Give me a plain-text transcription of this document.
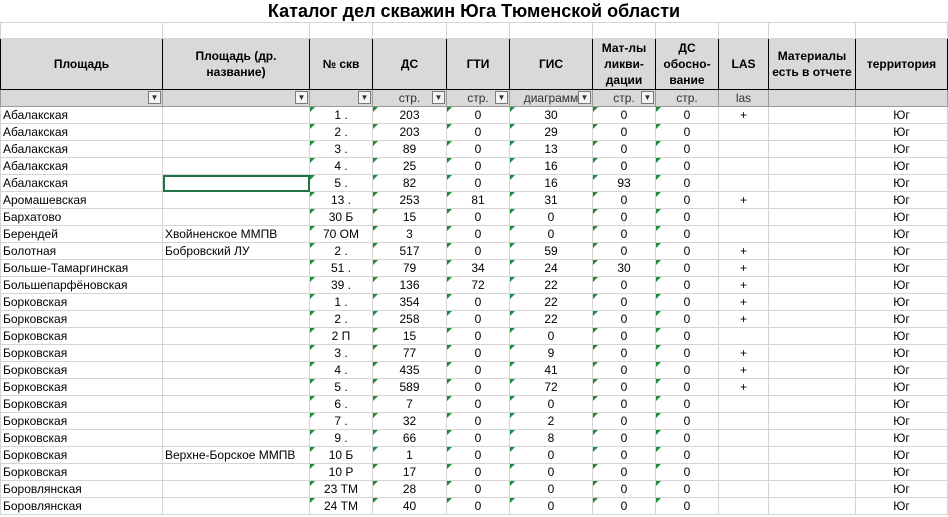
Каталог дел скважин Юга Тюменской области

Площадь	Площадь (др. название)	№ скв	ДС	ГТИ	ГИС	Мат-лы ликви-дации	ДС обосно-вание	LAS	Материалы есть в отчете	территория

▼	▼	▼	стр. ▼	стр. ▼	диаграмм ▼	стр. ▼	стр.	las		
Абалакская		1 .	203	0	30	0	0	+		Юг
Абалакская		2 .	203	0	29	0	0			Юг
Абалакская		3 .	89	0	13	0	0			Юг
Абалакская		4 .	25	0	16	0	0			Юг
Абалакская		5 .	82	0	16	93	0			Юг
Аромашевская		13 .	253	81	31	0	0	+		Юг
Бархатово		30 Б	15	0	0	0	0			Юг
Берендей	Хвойненское ММПВ	70 ОМ	3	0	0	0	0			Юг
Болотная	Бобровский ЛУ	2 .	517	0	59	0	0	+		Юг
Больше-Тамаргинская		51 .	79	34	24	30	0	+		Юг
Большепарфёновская		39 .	136	72	22	0	0	+		Юг
Борковская		1 .	354	0	22	0	0	+		Юг
Борковская		2 .	258	0	22	0	0	+		Юг
Борковская		2 П	15	0	0	0	0			Юг
Борковская		3 .	77	0	9	0	0	+		Юг
Борковская		4 .	435	0	41	0	0	+		Юг
Борковская		5 .	589	0	72	0	0	+		Юг
Борковская		6 .	7	0	0	0	0			Юг
Борковская		7 .	32	0	2	0	0			Юг
Борковская		9 .	66	0	8	0	0			Юг
Борковская	Верхне-Борское ММПВ	10 Б	1	0	0	0	0			Юг
Борковская		10 Р	17	0	0	0	0			Юг
Боровлянская		23 ТМ	28	0	0	0	0			Юг
Боровлянская		24 ТМ	40	0	0	0	0			Юг
